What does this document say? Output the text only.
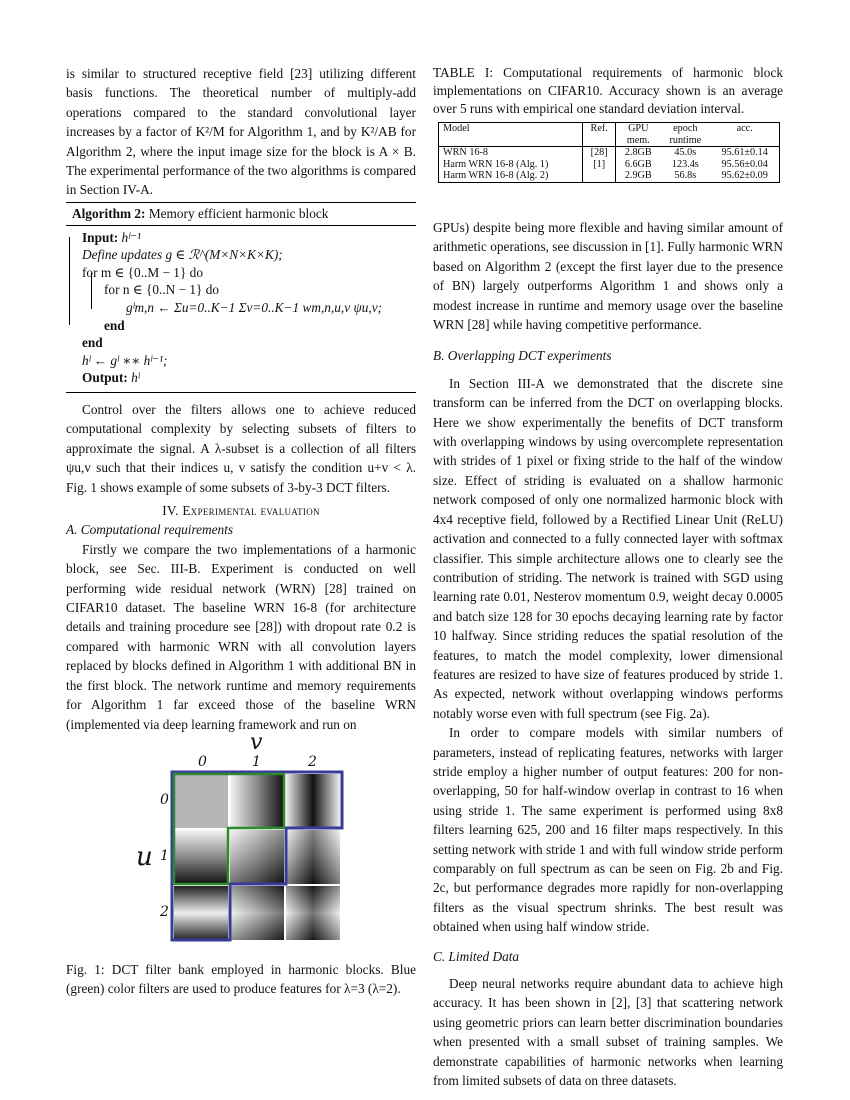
is similar to structured receptive field [23] utilizing different basis functions. The theoretical number of multiply-add operations compared to the standard convolutional layer increases by a factor of K²/M for Algorithm 1, and by K²/AB for Algorithm 2, where the input image size for the block is A × B. The experimental performance of the two algorithms is compared in Section IV-A.

Algorithm 2: Memory efficient harmonic block
Input: hˡ⁻¹
Define updates g ∈ ℛ^(M×N×K×K);
for m ∈ {0..M − 1} do
for n ∈ {0..N − 1} do
gˡm,n ← Σu=0..K−1 Σv=0..K−1 wm,n,u,v ψu,v;
end
end
hˡ ← gˡ ∗∗ hˡ⁻¹;
Output: hˡ

Control over the filters allows one to achieve reduced computational complexity by selecting subsets of filters to approximate the signal. A λ-subset is a collection of all filters ψu,v such that their indices u, v satisfy the condition u+v < λ. Fig. 1 shows example of some subsets of 3-by-3 DCT filters.

IV. Experimental evaluation

A. Computational requirements

Firstly we compare the two implementations of a harmonic block, see Sec. III-B. Experiment is conducted on well performing wide residual network (WRN) [28] trained on CIFAR10 dataset. The baseline WRN 16-8 (for architecture details and training procedure see [28]) with dropout rate 0.2 is compared with harmonic WRN with all convolution layers replaced by blocks defined in Algorithm 1 with additional BN in the first block. The network runtime and memory requirements for Algorithm 1 far exceed those of the baseline WRN (implemented via deep learning framework and run on

v
u
0	1	2
0
1
2
Fig. 1: DCT filter bank employed in harmonic blocks. Blue (green) color filters are used to produce features for λ=3 (λ=2).
TABLE I: Computational requirements of harmonic block implementations on CIFAR10. Accuracy shown is an average over 5 runs with empirical one standard deviation interval.
Model	Ref.	GPU	epoch	acc.
		mem.	runtime	
WRN 16-8	[28]	2.8GB	45.0s	95.61±0.14
Harm WRN 16-8 (Alg. 1)	[1]	6.6GB	123.4s	95.56±0.04
Harm WRN 16-8 (Alg. 2)		2.9GB	56.8s	95.62±0.09

GPUs) despite being more flexible and having similar amount of arithmetic operations, see discussion in [1]. Fully harmonic WRN based on Algorithm 2 (except the first layer due to the presence of BN) largely outperforms Algorithm 1 and shows only a modest increase in runtime and memory usage over the baseline WRN [28] while having competitive performance.

B. Overlapping DCT experiments

In Section III-A we demonstrated that the discrete sine transform can be inferred from the DCT on overlapping blocks. Here we show experimentally the benefits of DCT transform with overlapping windows by using overcomplete representation with strides of 1 pixel or fixing stride to the half of the window size. Effect of striding is evaluated on a shallow harmonic network composed of only one normalized harmonic block with 4x4 receptive field, followed by a Rectified Linear Unit (ReLU) activation and connected to a fully connected layer with softmax classifier. This simple architecture allows one to clearly see the contribution of striding. The network is trained with SGD using learning rate 0.01, Nesterov momentum 0.9, weight decay 0.0005 and batch size 128 for 30 epochs decaying learning rate by factor 10 halfway. Since striding reduces the spatial resolution of the features, to match the model complexity, lower dimensional features are resized to have size of features produced by stride 1. As expected, network without overlapping windows performs notably worse even with full spectrum (see Fig. 2a).

In order to compare models with similar numbers of parameters, instead of replicating features, networks with larger stride employ a higher number of output features: 200 for non-overlapping, 50 for half-window overlap in contrast to 16 when using stride 1. The same experiment is performed using 8x8 filters learning 625, 200 and 16 filter maps respectively. In this setting network with stride 1 and with full window stride perform comparably on full spectrum as can be seen on Fig. 2b and Fig. 2c, but performance degrades more rapidly for non-overlapping filters as the visual spectrum shrinks. The best result was obtained when using half window stride.

C. Limited Data

Deep neural networks require abundant data to achieve high accuracy. It has been shown in [2], [3] that scattering network using geometric priors can learn better discrimination boundaries when presented with a small subset of training samples. We demonstrate capabilities of harmonic networks when learning from limited subsets of data on three datasets.
